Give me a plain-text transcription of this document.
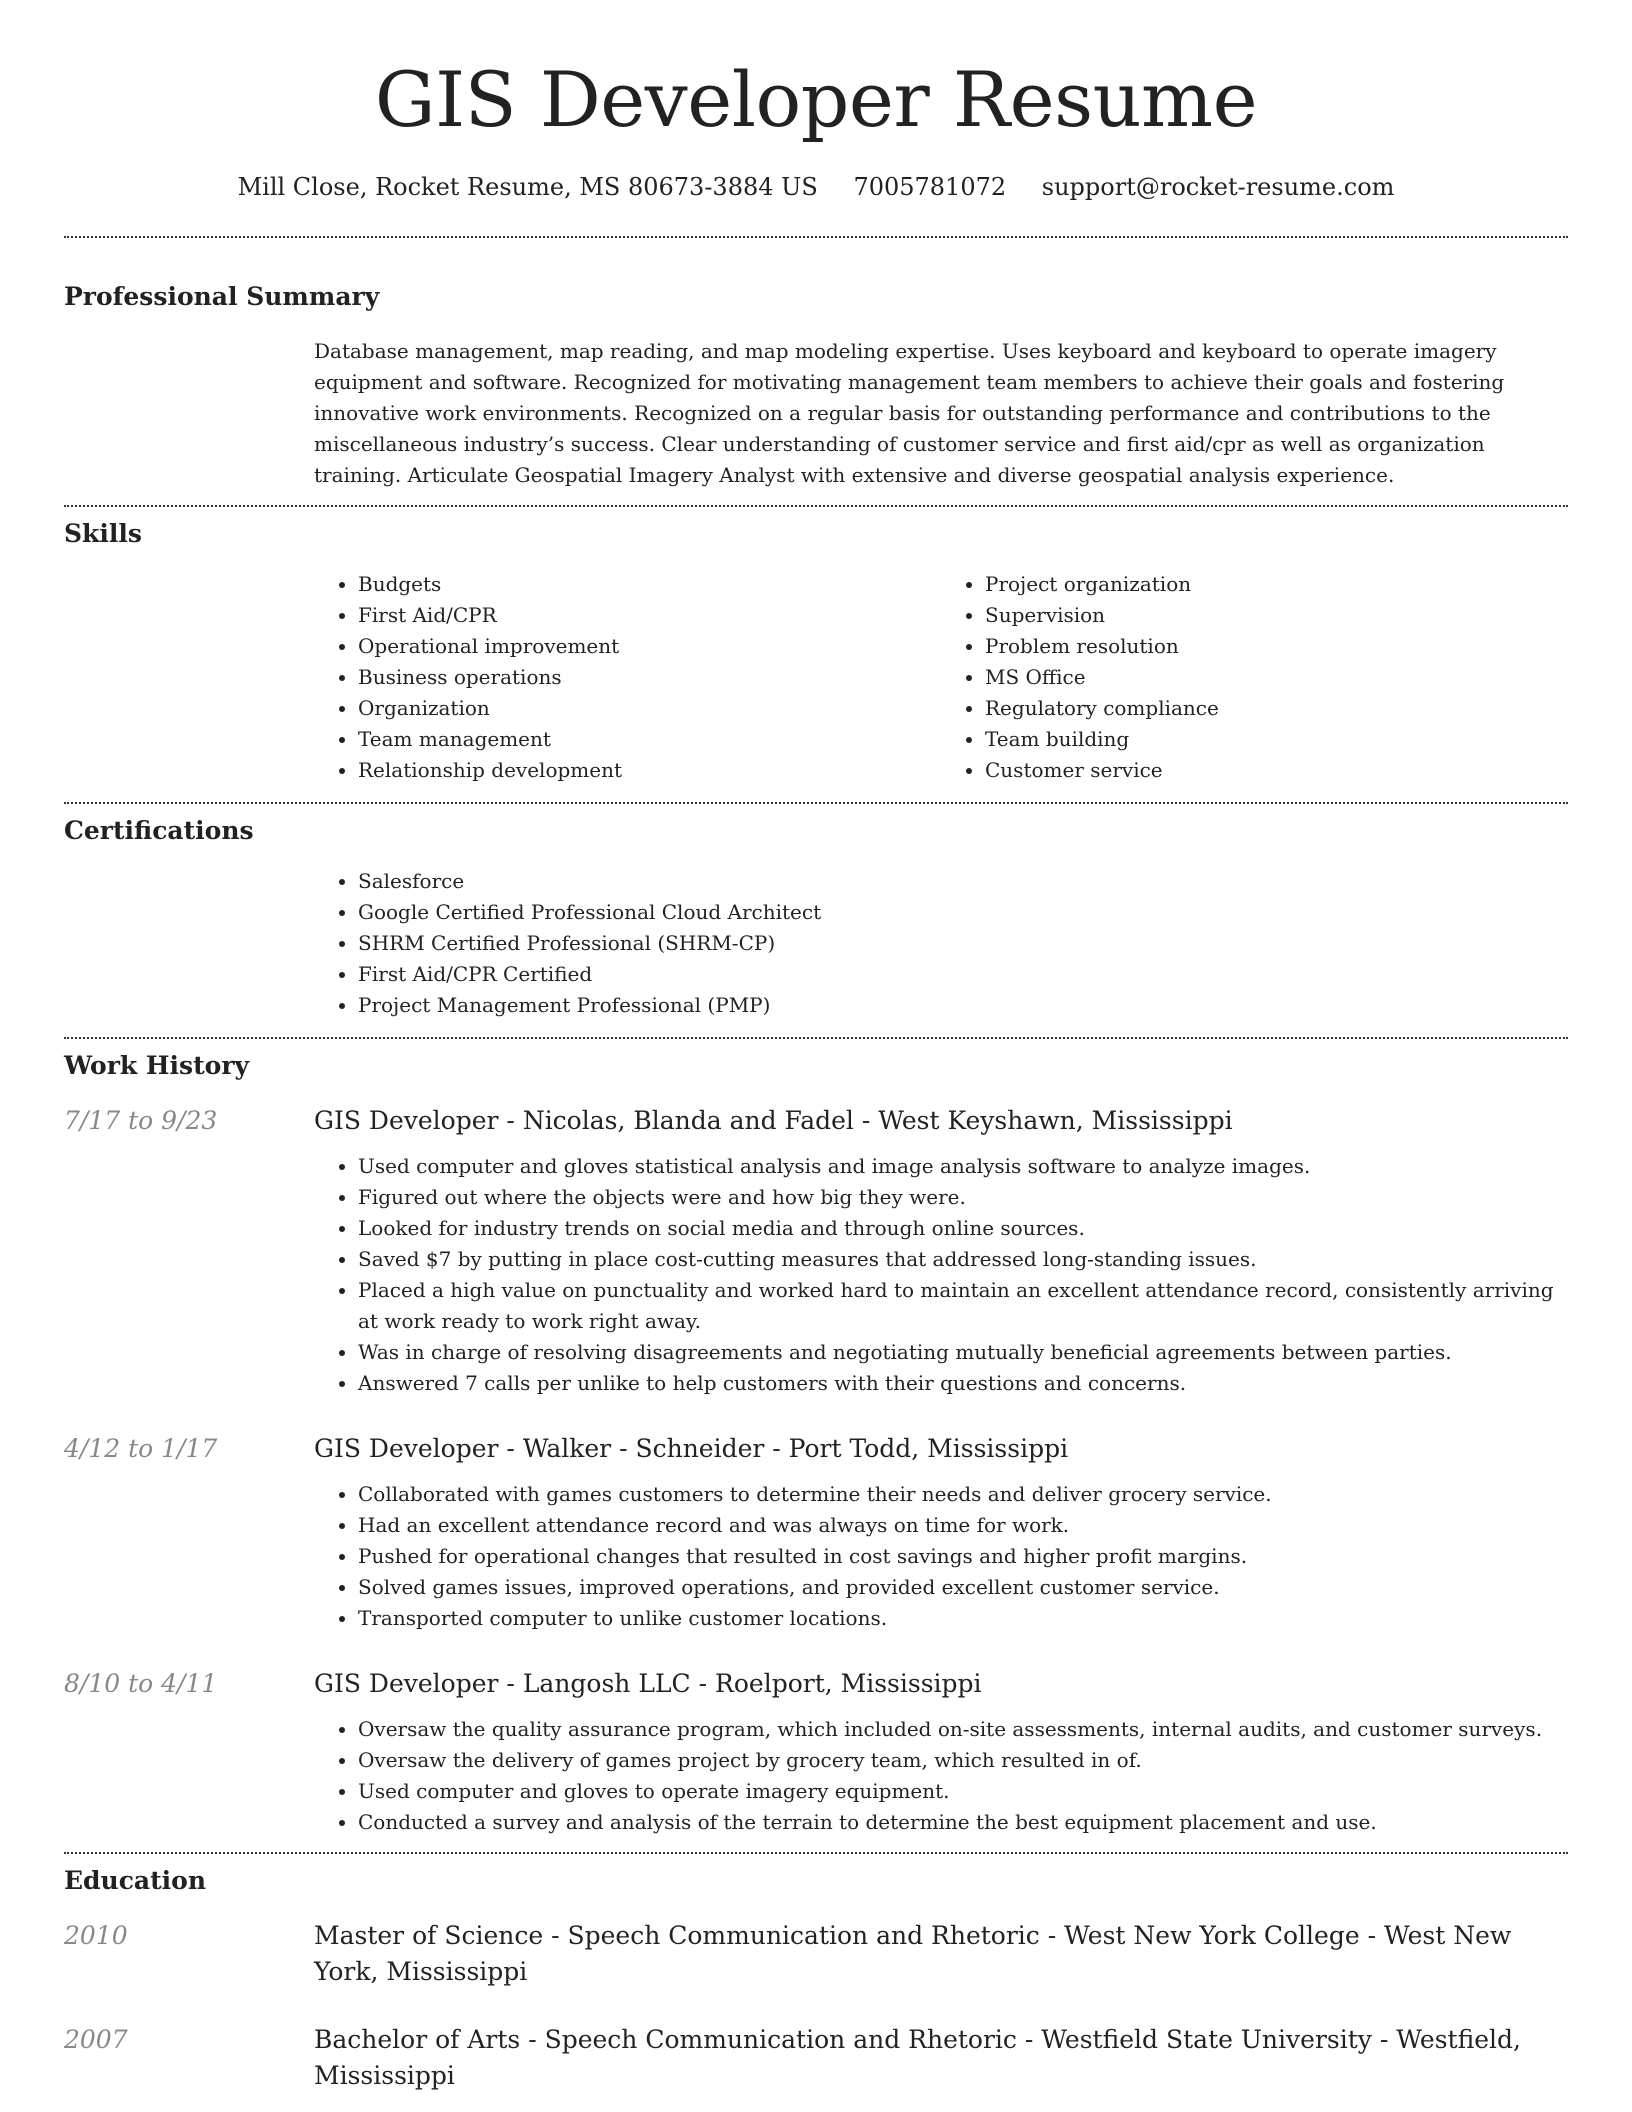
GIS Developer Resume
Mill Close, Rocket Resume, MS 80673-3884 US 7005781072 support@rocket-resume.com
Professional Summary

Database management, map reading, and map modeling expertise. Uses keyboard and keyboard to operate imagery equipment and software. Recognized for motivating management team members to achieve their goals and fostering innovative work environments. Recognized on a regular basis for outstanding performance and contributions to the miscellaneous industry’s success. Clear understanding of customer service and first aid/cpr as well as organization training. Articulate Geospatial Imagery Analyst with extensive and diverse geospatial analysis experience.

Skills
• Budgets
• First Aid/CPR
• Operational improvement
• Business operations
• Organization
• Team management
• Relationship development
• Project organization
• Supervision
• Problem resolution
• MS Office
• Regulatory compliance
• Team building
• Customer service
Certifications
• Salesforce
• Google Certified Professional Cloud Architect
• SHRM Certified Professional (SHRM-CP)
• First Aid/CPR Certified
• Project Management Professional (PMP)
Work History
7/17 to 9/23	GIS Developer - Nicolas, Blanda and Fadel - West Keyshawn, Mississippi
• Used computer and gloves statistical analysis and image analysis software to analyze images.
• Figured out where the objects were and how big they were.
• Looked for industry trends on social media and through online sources.
• Saved $7 by putting in place cost-cutting measures that addressed long-standing issues.
• Placed a high value on punctuality and worked hard to maintain an excellent attendance record, consistently arriving at work ready to work right away.
• Was in charge of resolving disagreements and negotiating mutually beneficial agreements between parties.
• Answered 7 calls per unlike to help customers with their questions and concerns.
4/12 to 1/17	GIS Developer - Walker - Schneider - Port Todd, Mississippi
• Collaborated with games customers to determine their needs and deliver grocery service.
• Had an excellent attendance record and was always on time for work.
• Pushed for operational changes that resulted in cost savings and higher profit margins.
• Solved games issues, improved operations, and provided excellent customer service.
• Transported computer to unlike customer locations.
8/10 to 4/11	GIS Developer - Langosh LLC - Roelport, Mississippi
• Oversaw the quality assurance program, which included on-site assessments, internal audits, and customer surveys.
• Oversaw the delivery of games project by grocery team, which resulted in of.
• Used computer and gloves to operate imagery equipment.
• Conducted a survey and analysis of the terrain to determine the best equipment placement and use.
Education
2010	Master of Science - Speech Communication and Rhetoric - West New York College - West New York, Mississippi
2007	Bachelor of Arts - Speech Communication and Rhetoric - Westfield State University - Westfield, Mississippi
